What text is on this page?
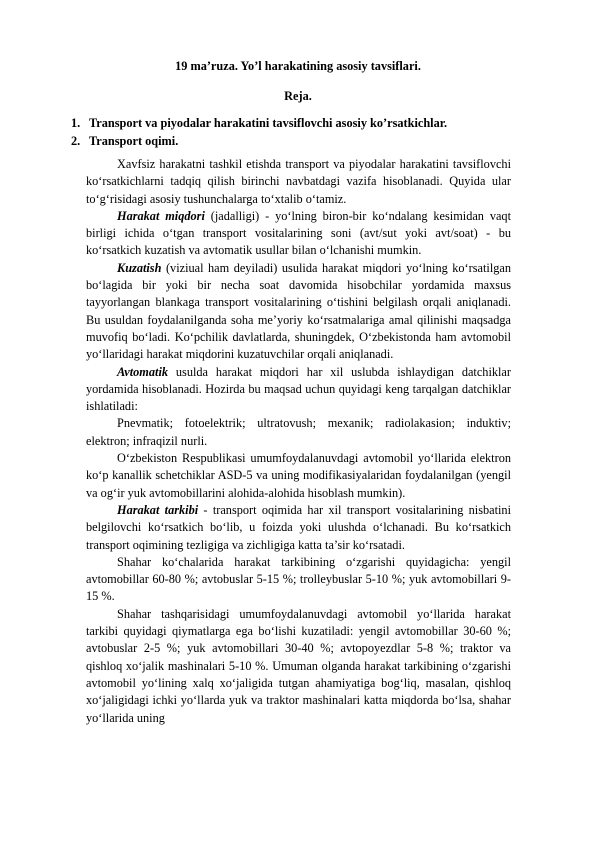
19 ma’ruza. Yo’l harakatining asosiy tavsiflari.
Reja.
1. Transport va piyodalar harakatini tavsiflovchi asosiy ko’rsatkichlar.
2. Transport oqimi.

Xavfsiz harakatni tashkil etishda transport va piyodalar harakatini tavsiflovchi ko‘rsatkichlarni tadqiq qilish birinchi navbatdagi vazifa hisoblanadi. Quyida ular to‘g‘risidagi asosiy tushunchalarga to‘xtalib o‘tamiz.

Harakat miqdori (jadalligi) - yo‘lning biron-bir ko‘ndalang kesimidan vaqt birligi ichida o‘tgan transport vositalarining soni (avt/sut yoki avt/soat) - bu ko‘rsatkich kuzatish va avtomatik usullar bilan o‘lchanishi mumkin.

Kuzatish (viziual ham deyiladi) usulida harakat miqdori yo‘lning ko‘rsatilgan bo‘lagida bir yoki bir necha soat davomida hisobchilar yordamida maxsus tayyorlangan blankaga transport vositalarining o‘tishini belgilash orqali aniqlanadi. Bu usuldan foydalanilganda soha me’yoriy ko‘rsatmalariga amal qilinishi maqsadga muvofiq bo‘ladi. Ko‘pchilik davlatlarda, shuningdek, O‘zbekistonda ham avtomobil yo‘llaridagi harakat miqdorini kuzatuvchilar orqali aniqlanadi.

Avtomatik usulda harakat miqdori har xil uslubda ishlaydigan datchiklar yordamida hisoblanadi. Hozirda bu maqsad uchun quyidagi keng tarqalgan datchiklar ishlatiladi:

Pnevmatik; fotoelektrik; ultratovush; mexanik; radiolakasion; induktiv; elektron; infraqizil nurli.

O‘zbekiston Respublikasi umumfoydalanuvdagi avtomobil yo‘llarida elektron ko‘p kanallik schetchiklar ASD-5 va uning modifikasiyalaridan foydalanilgan (yengil va og‘ir yuk avtomobillarini alohida-alohida hisoblash mumkin).

Harakat tarkibi - transport oqimida har xil transport vositalarining nisbatini belgilovchi ko‘rsatkich bo‘lib, u foizda yoki ulushda o‘lchanadi. Bu ko‘rsatkich transport oqimining tezligiga va zichligiga katta ta’sir ko‘rsatadi.

Shahar ko‘chalarida harakat tarkibining o‘zgarishi quyidagicha: yengil avtomobillar 60-80 %; avtobuslar 5-15 %; trolleybuslar 5-10 %; yuk avtomobillari 9-15 %.

Shahar tashqarisidagi umumfoydalanuvdagi avtomobil yo‘llarida harakat tarkibi quyidagi qiymatlarga ega bo‘lishi kuzatiladi: yengil avtomobillar 30-60 %; avtobuslar 2-5 %; yuk avtomobillari 30-40 %; avtopoyezdlar 5-8 %; traktor va qishloq xo‘jalik mashinalari 5-10 %. Umuman olganda harakat tarkibining o‘zgarishi avtomobil yo‘lining xalq xo‘jaligida tutgan ahamiyatiga bog‘liq, masalan, qishloq xo‘jaligidagi ichki yo‘llarda yuk va traktor mashinalari katta miqdorda bo‘lsa, shahar yo‘llarida uning
